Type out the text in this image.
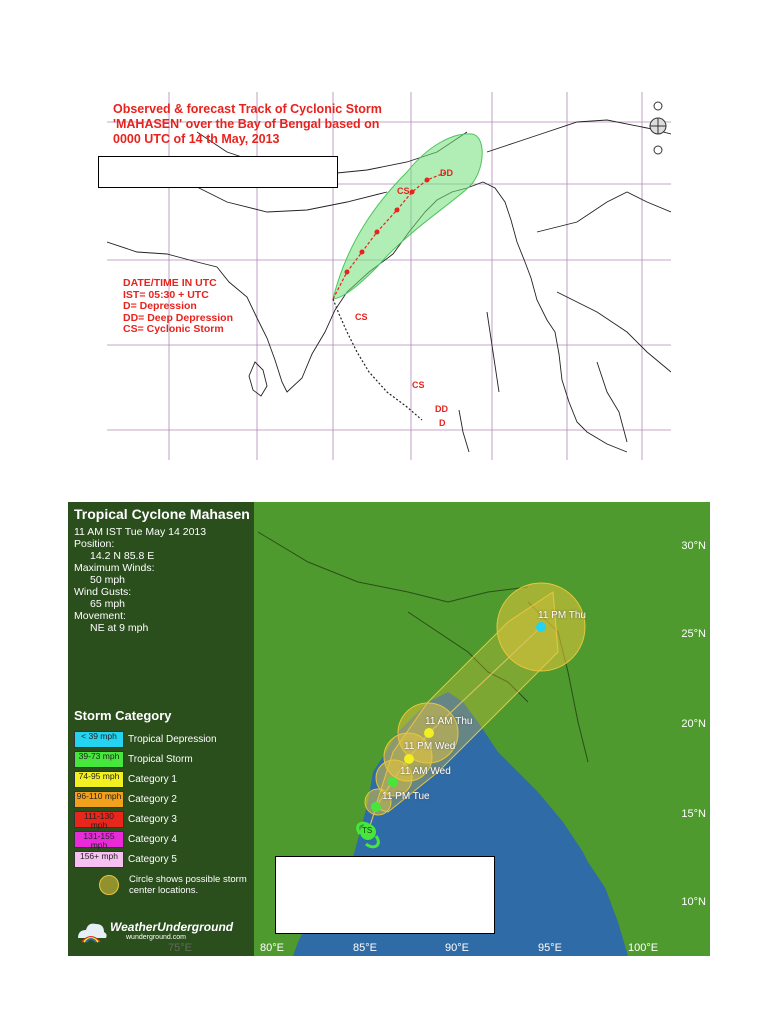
Observed & forecast Track of Cyclonic Storm
'MAHASEN' over the Bay of Bengal based on
0000 UTC of 14 th May, 2013
DATE/TIME IN UTC
IST= 05:30 + UTC
D= Depression
DD= Deep Depression
CS= Cyclonic Storm
DD
CS
CS
CS
DD
D
11 PM Thu
11 AM Thu
11 PM Wed
11 AM Wed
11 PM Tue
TS
30°N
25°N
20°N
15°N
10°N
80°E	85°E	90°E	95°E	100°E
Tropical Cyclone Mahasen
11 AM IST Tue May 14 2013
Position:
14.2 N 85.8 E
Maximum Winds:
50 mph
Wind Gusts:
65 mph
Movement:
NE at 9 mph
Storm Category
< 39 mph	Tropical Depression
39-73 mph Tropical Storm
74-95 mph Category 1
96-110 mph Category 2
111-130 mph	Category 3
131-155 mph	Category 4
156+ mph Category 5
Circle shows possible storm center locations.
WeatherUnderground
wunderground.com
